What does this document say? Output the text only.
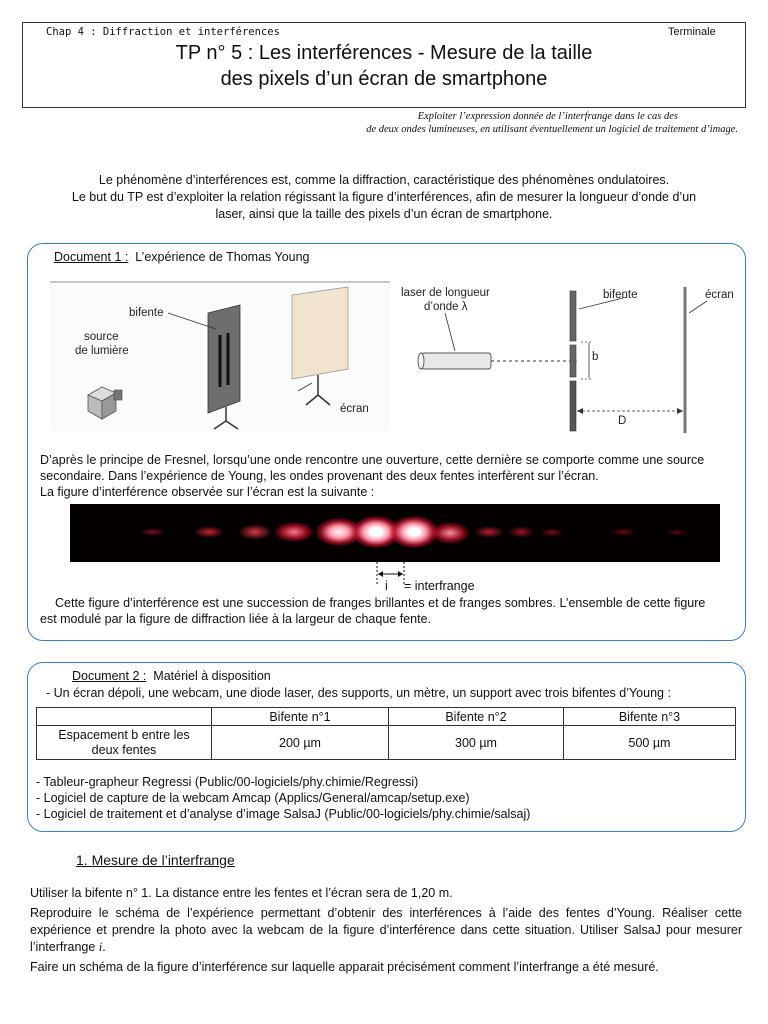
Chap 4 : Diffraction et interférences	Terminale
TP n° 5 : Les interférences - Mesure de la taille
des pixels d’un écran de smartphone
Exploiter l’expression donnée de l’interfrange dans le cas des
de deux ondes lumineuses, en utilisant éventuellement un logiciel de traitement d’image.
Le phénomène d’interférences est, comme la diffraction, caractéristique des phénomènes ondulatoires.
Le but du TP est d’exploiter la relation régissant la figure d’interférences, afin de mesurer la longueur d’onde d’un
laser, ainsi que la taille des pixels d’un écran de smartphone.
Document 1 : L’expérience de Thomas Young
bifente
source
de lumière
écran
laser de longueur
d’onde λ
bifente	écran
b
D
D’après le principe de Fresnel, lorsqu’une onde rencontre une ouverture, cette dernière se comporte comme une source
secondaire. Dans l’expérience de Young, les ondes provenant des deux fentes interfèrent sur l’écran.
La figure d’interférence observée sur l’écran est la suivante :
i = interfrange
Cette figure d’interférence est une succession de franges brillantes et de franges sombres. L’ensemble de cette figure
est modulé par la figure de diffraction liée à la largeur de chaque fente.
Document 2 : Matériel à disposition
- Un écran dépoli, une webcam, une diode laser, des supports, un mètre, un support avec trois bifentes d’Young :
	Bifente n°1	Bifente n°2	Bifente n°3

Espacement b entre les
deux fentes	200 µm	300 µm	500 µm
- Tableur-grapheur Regressi (Public/00-logiciels/phy.chimie/Regressi)
- Logiciel de capture de la webcam Amcap (Applics/General/amcap/setup.exe)
- Logiciel de traitement et d’analyse d’image SalsaJ (Public/00-logiciels/phy.chimie/salsaj)
1. Mesure de l’interfrange
Utiliser la bifente n° 1. La distance entre les fentes et l’écran sera de 1,20 m.
Reproduire le schéma de l’expérience permettant d’obtenir des interférences à l’aide des fentes d’Young. Réaliser cette
expérience et prendre la photo avec la webcam de la figure d’interférence dans cette situation. Utiliser SalsaJ pour mesurer
l’interfrange i.
Faire un schéma de la figure d’interférence sur laquelle apparait précisément comment l’interfrange a été mesuré.
